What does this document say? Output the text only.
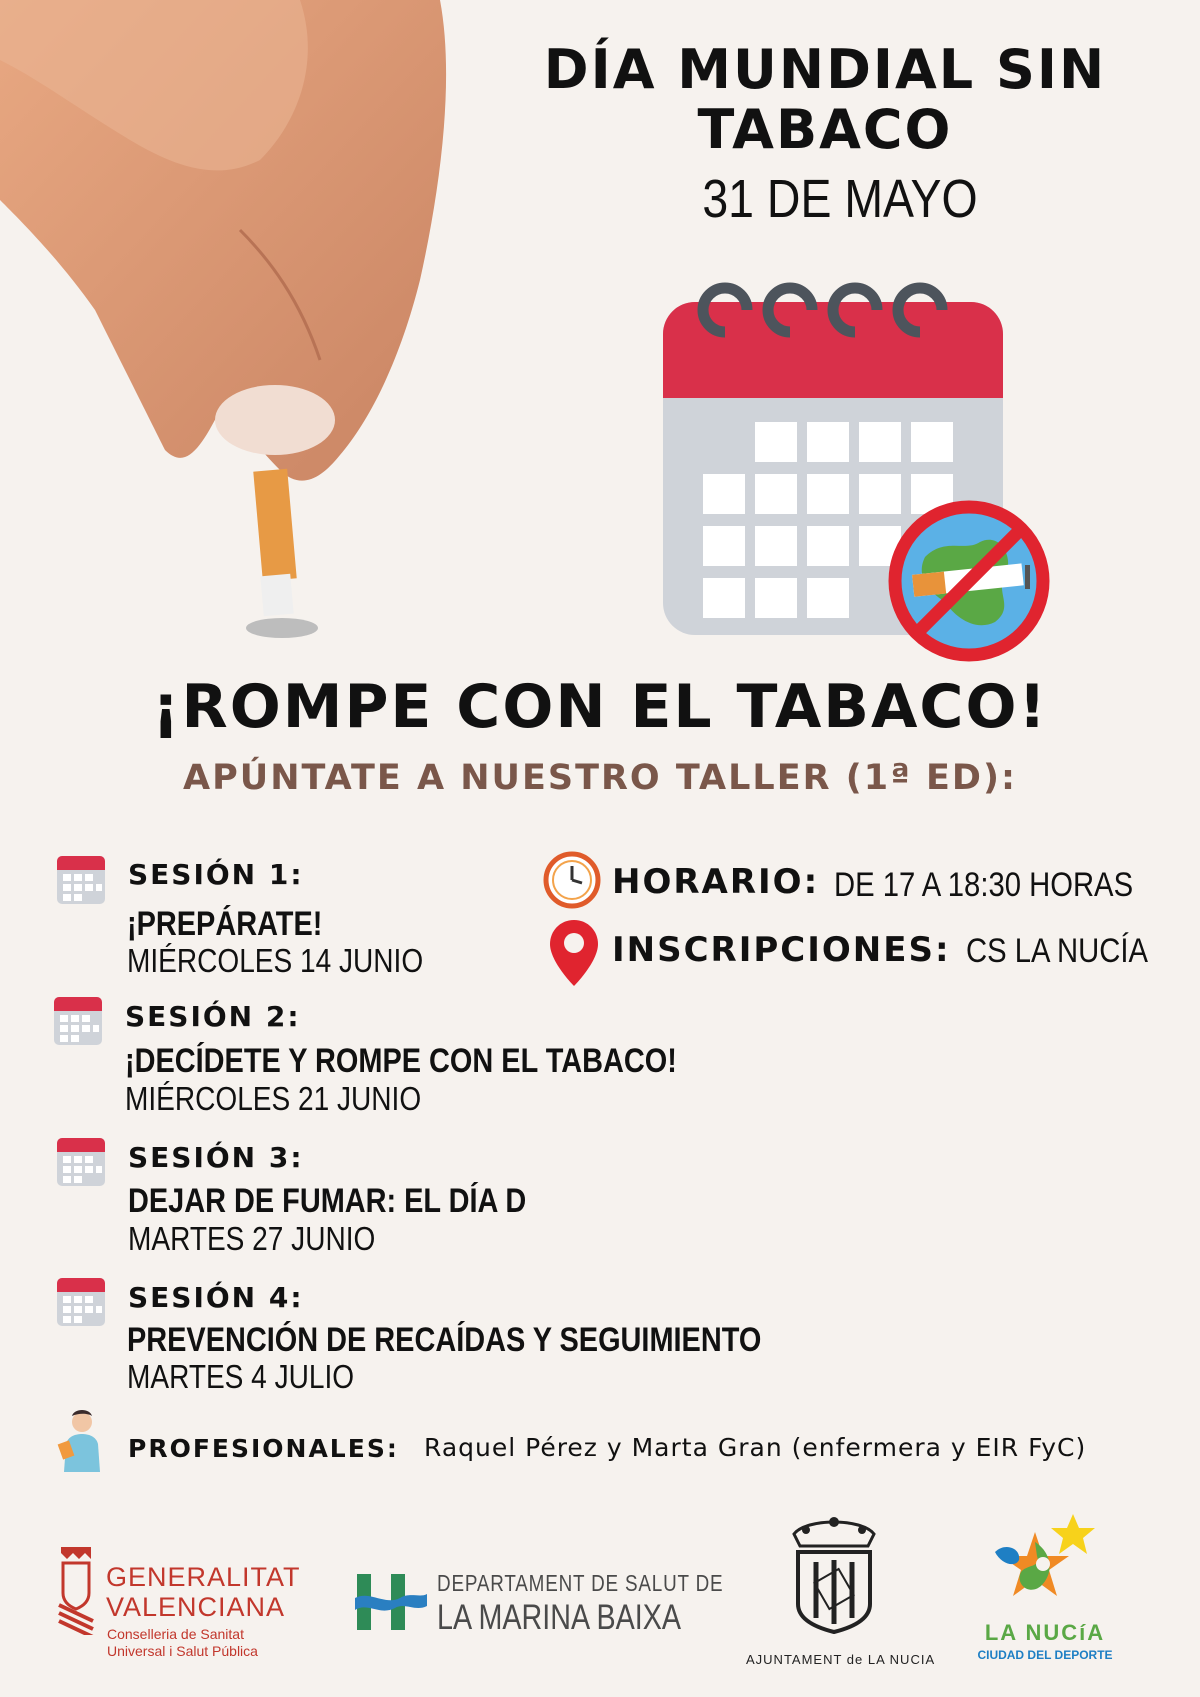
DÍA MUNDIAL SIN
TABACO
31 DE MAYO
¡ROMPE CON EL TABACO!
APÚNTATE A NUESTRO TALLER (1ª ED):
SESIÓN 1:
¡PREPÁRATE!
MIÉRCOLES 14 JUNIO
SESIÓN 2:
¡DECÍDETE Y ROMPE CON EL TABACO!
MIÉRCOLES 21 JUNIO
SESIÓN 3:
DEJAR DE FUMAR: EL DÍA D
MARTES 27 JUNIO
SESIÓN 4:
PREVENCIÓN DE RECAÍDAS Y SEGUIMIENTO
MARTES 4 JULIO
HORARIO: DE 17 A 18:30 HORAS
INSCRIPCIONES: CS LA NUCÍA
PROFESIONALES: Raquel Pérez y Marta Gran (enfermera y EIR FyC)
GENERALITAT
VALENCIANA
Conselleria de Sanitat
Universal i Salut Pública
DEPARTAMENT DE SALUT DE
LA MARINA BAIXA
AJUNTAMENT de LA NUCIA
LA NUCíA
CIUDAD DEL DEPORTE
